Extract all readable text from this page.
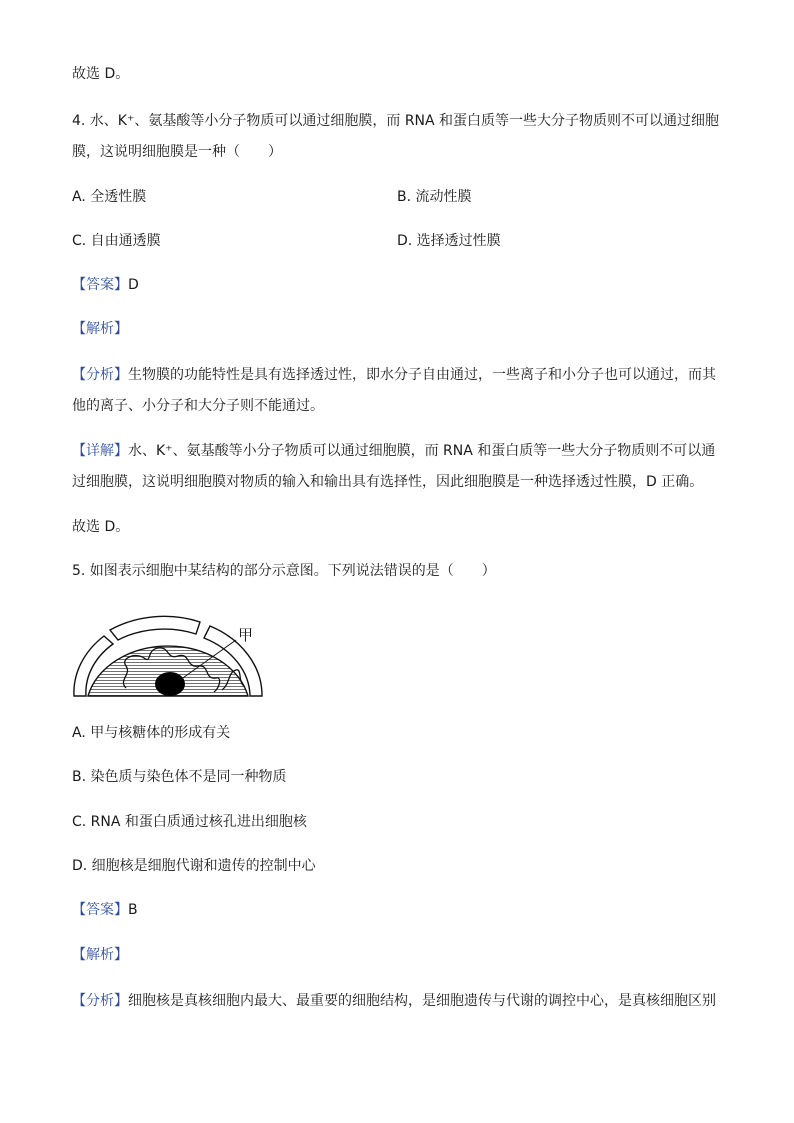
故选 D。
4. 水、K⁺、氨基酸等小分子物质可以通过细胞膜，而 RNA 和蛋白质等一些大分子物质则不可以通过细胞
膜，这说明细胞膜是一种（　　）
A. 全透性膜	B. 流动性膜
C. 自由通透膜	D. 选择透过性膜
【答案】D
【解析】
【分析】生物膜的功能特性是具有选择透过性，即水分子自由通过，一些离子和小分子也可以通过，而其
他的离子、小分子和大分子则不能通过。
【详解】水、K⁺、氨基酸等小分子物质可以通过细胞膜，而 RNA 和蛋白质等一些大分子物质则不可以通
过细胞膜，这说明细胞膜对物质的输入和输出具有选择性，因此细胞膜是一种选择透过性膜，D 正确。
故选 D。
5. 如图表示细胞中某结构的部分示意图。下列说法错误的是（　　）
甲
A. 甲与核糖体的形成有关
B. 染色质与染色体不是同一种物质
C. RNA 和蛋白质通过核孔进出细胞核
D. 细胞核是细胞代谢和遗传的控制中心
【答案】B
【解析】
【分析】细胞核是真核细胞内最大、最重要的细胞结构，是细胞遗传与代谢的调控中心，是真核细胞区别
